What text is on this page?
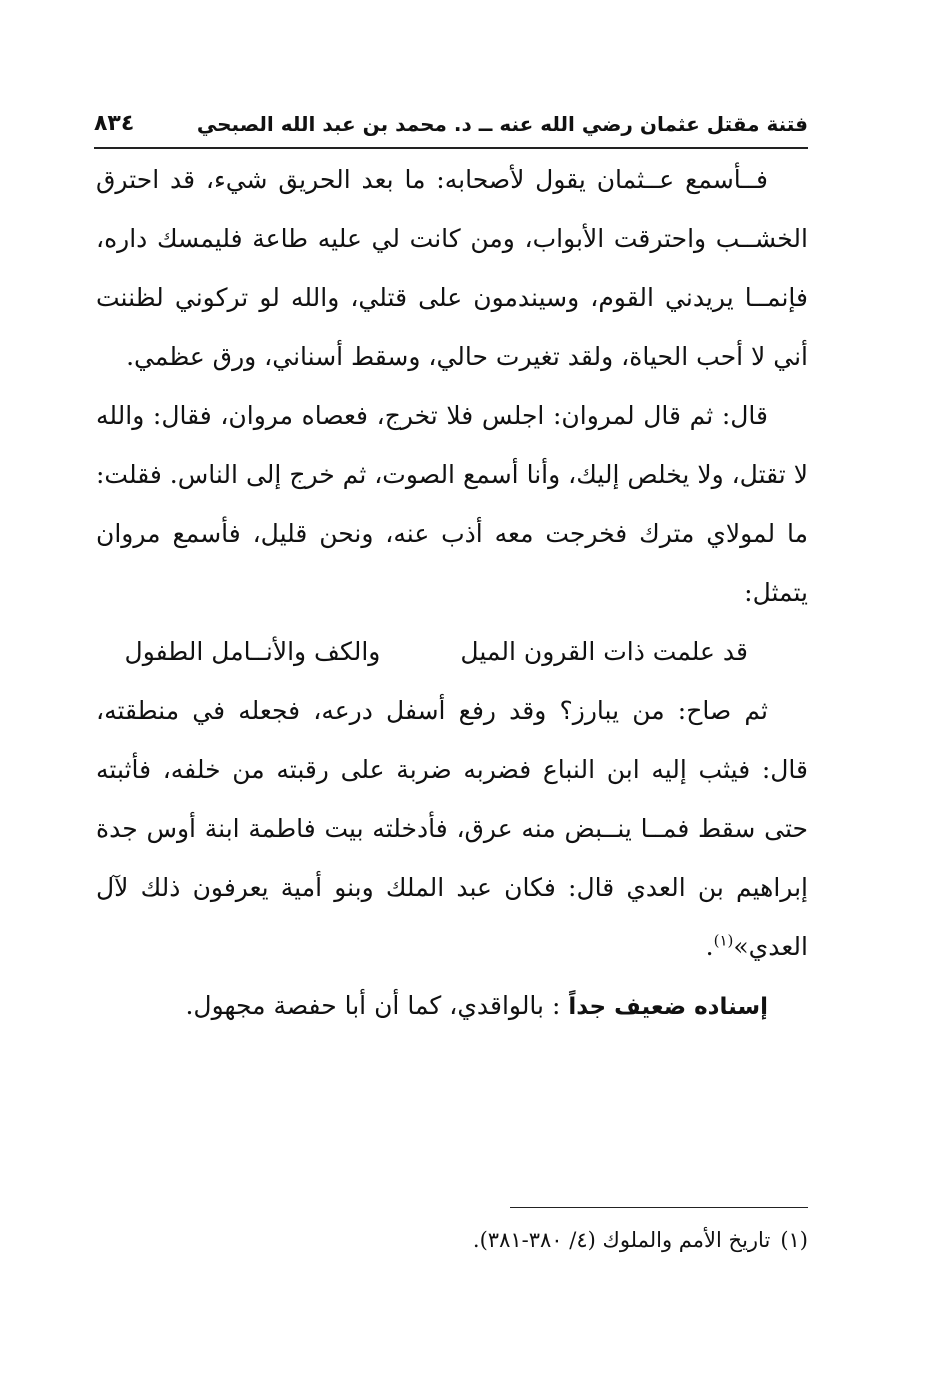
فتنة مقتل عثمان رضي الله عنه ــ د. محمد بن عبد الله الصبحي
٨٣٤

فــأسمع عــثمان يقول لأصحابه: ما بعد الحريق شيء، قد احترق الخشــب واحترقت الأبواب، ومن كانت لي عليه طاعة فليمسك داره، فإنمــا يريدني القوم، وسيندمون على قتلي، والله لو تركوني لظننت أني لا أحب الحياة، ولقد تغيرت حالي، وسقط أسناني، ورق عظمي.

قال: ثم قال لمروان: اجلس فلا تخرج، فعصاه مروان، فقال: والله لا تقتل، ولا يخلص إليك، وأنا أسمع الصوت، ثم خرج إلى الناس. فقلت: ما لمولاي مترك فخرجت معه أذب عنه، ونحن قليل، فأسمع مروان يتمثل:

قد علمت ذات القرون الميل
والكف والأنــامل الطفول

ثم صاح: من يبارز؟ وقد رفع أسفل درعه، فجعله في منطقته، قال: فيثب إليه ابن النباع فضربه ضربة على رقبته من خلفه، فأثبته حتى سقط فمــا ينــبض منه عرق، فأدخلته بيت فاطمة ابنة أوس جدة إبراهيم بن العدي قال: فكان عبد الملك وبنو أمية يعرفون ذلك لآل العدي»$^{(١)}$.

إسناده ضعيف جداً : بالواقدي، كما أن أبا حفصة مجهول.

(١)تاريخ الأمم والملوك (٤/ ٣٨٠-٣٨١).
